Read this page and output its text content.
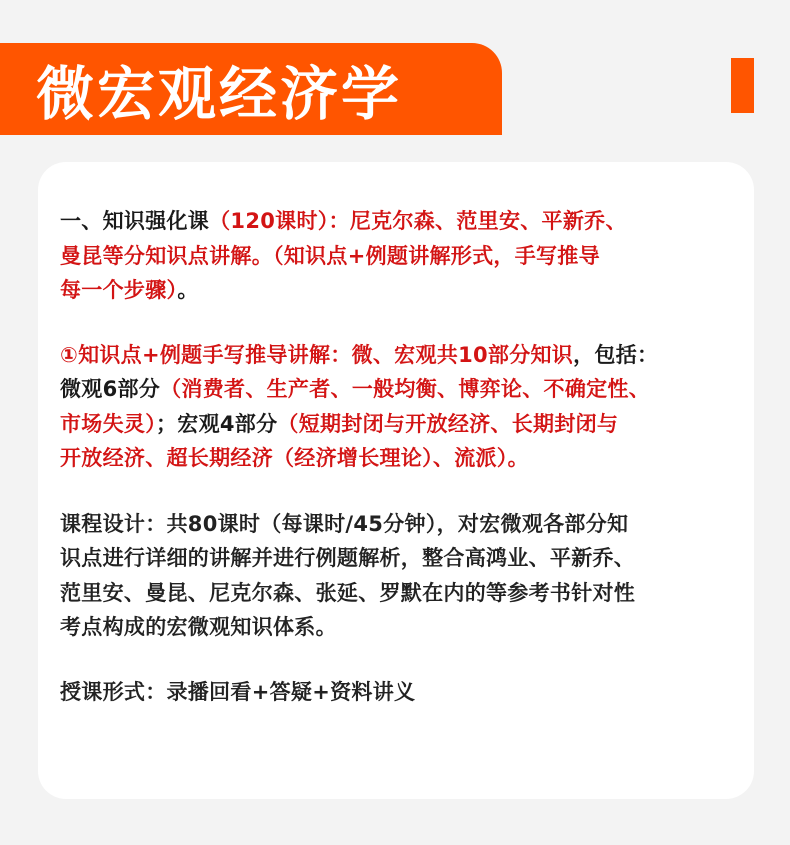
微宏观经济学

一、知识强化课（120课时）：尼克尔森、范里安、平新乔、
曼昆等分知识点讲解。（知识点+例题讲解形式，手写推导
每一个步骤）。

①知识点+例题手写推导讲解：微、宏观共10部分知识，包括：
微观6部分（消费者、生产者、一般均衡、博弈论、不确定性、
市场失灵）；宏观4部分（短期封闭与开放经济、长期封闭与
开放经济、超长期经济（经济增长理论）、流派）。

课程设计：共80课时（每课时/45分钟），对宏微观各部分知
识点进行详细的讲解并进行例题解析，整合高鸿业、平新乔、
范里安、曼昆、尼克尔森、张延、罗默在内的等参考书针对性
考点构成的宏微观知识体系。

授课形式：录播回看+答疑+资料讲义
